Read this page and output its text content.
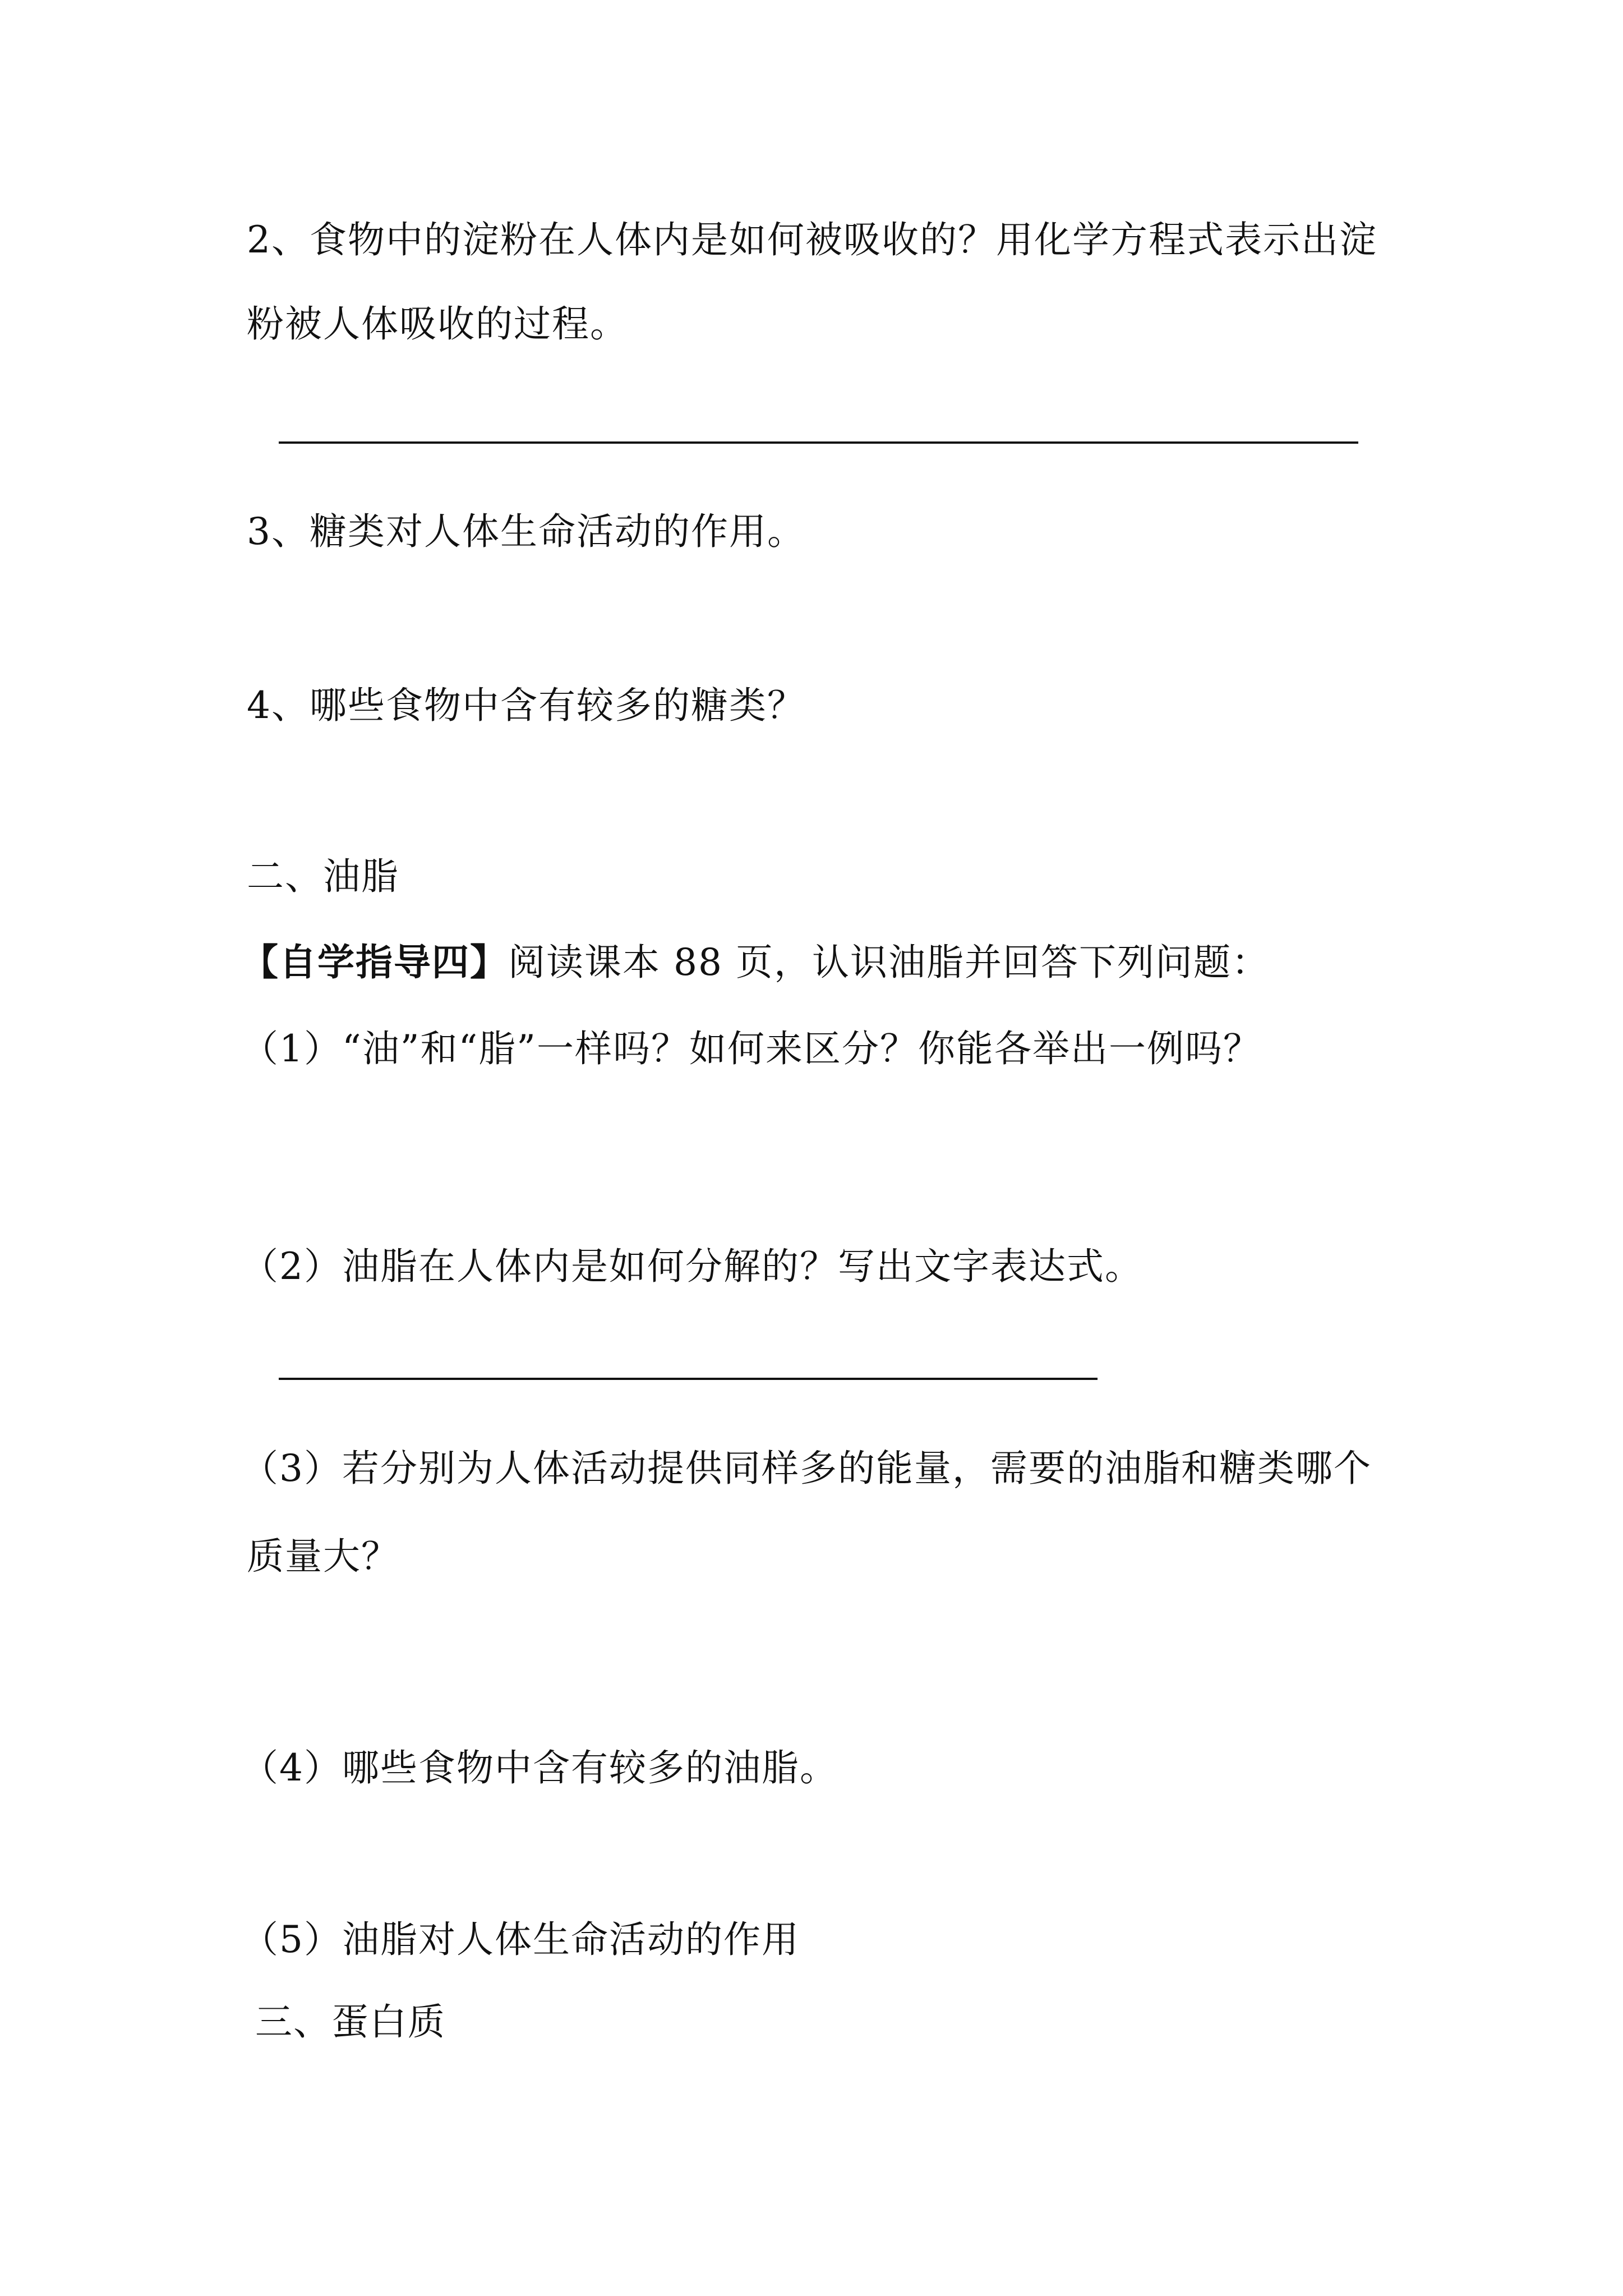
2、食物中的淀粉在人体内是如何被吸收的？用化学方程式表示出淀
粉被人体吸收的过程。
3、糖类对人体生命活动的作用。
4、哪些食物中含有较多的糖类？
二、油脂
【自学指导四】阅读课本 88 页，认识油脂并回答下列问题：
（1）“油”和“脂”一样吗？如何来区分？你能各举出一例吗？
（2）油脂在人体内是如何分解的？写出文字表达式。
（3）若分别为人体活动提供同样多的能量，需要的油脂和糖类哪个
质量大？
（4）哪些食物中含有较多的油脂。
（5）油脂对人体生命活动的作用
三、蛋白质
